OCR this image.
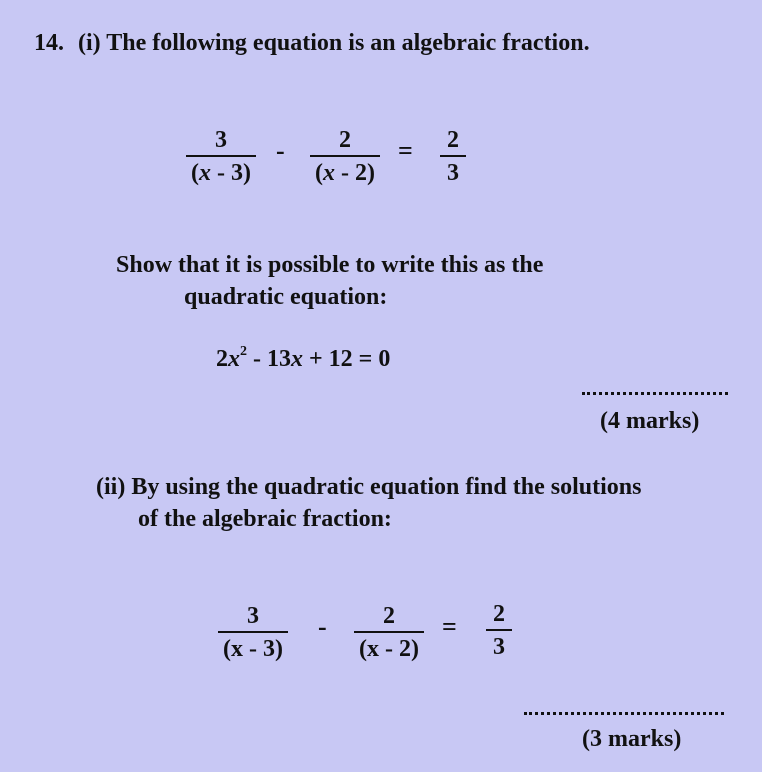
14. (i) The following equation is an algebraic fraction.
3
(x - 3)
-	2
(x - 2)
= 2
3
Show that it is possible to write this as the
quadratic equation:
$2x^2 - 13x + 12 = 0$
(4 marks)
(ii) By using the quadratic equation find the solutions
of the algebraic fraction:
3
(x - 3)
-	2
(x - 2)
= 2
3
(3 marks)
